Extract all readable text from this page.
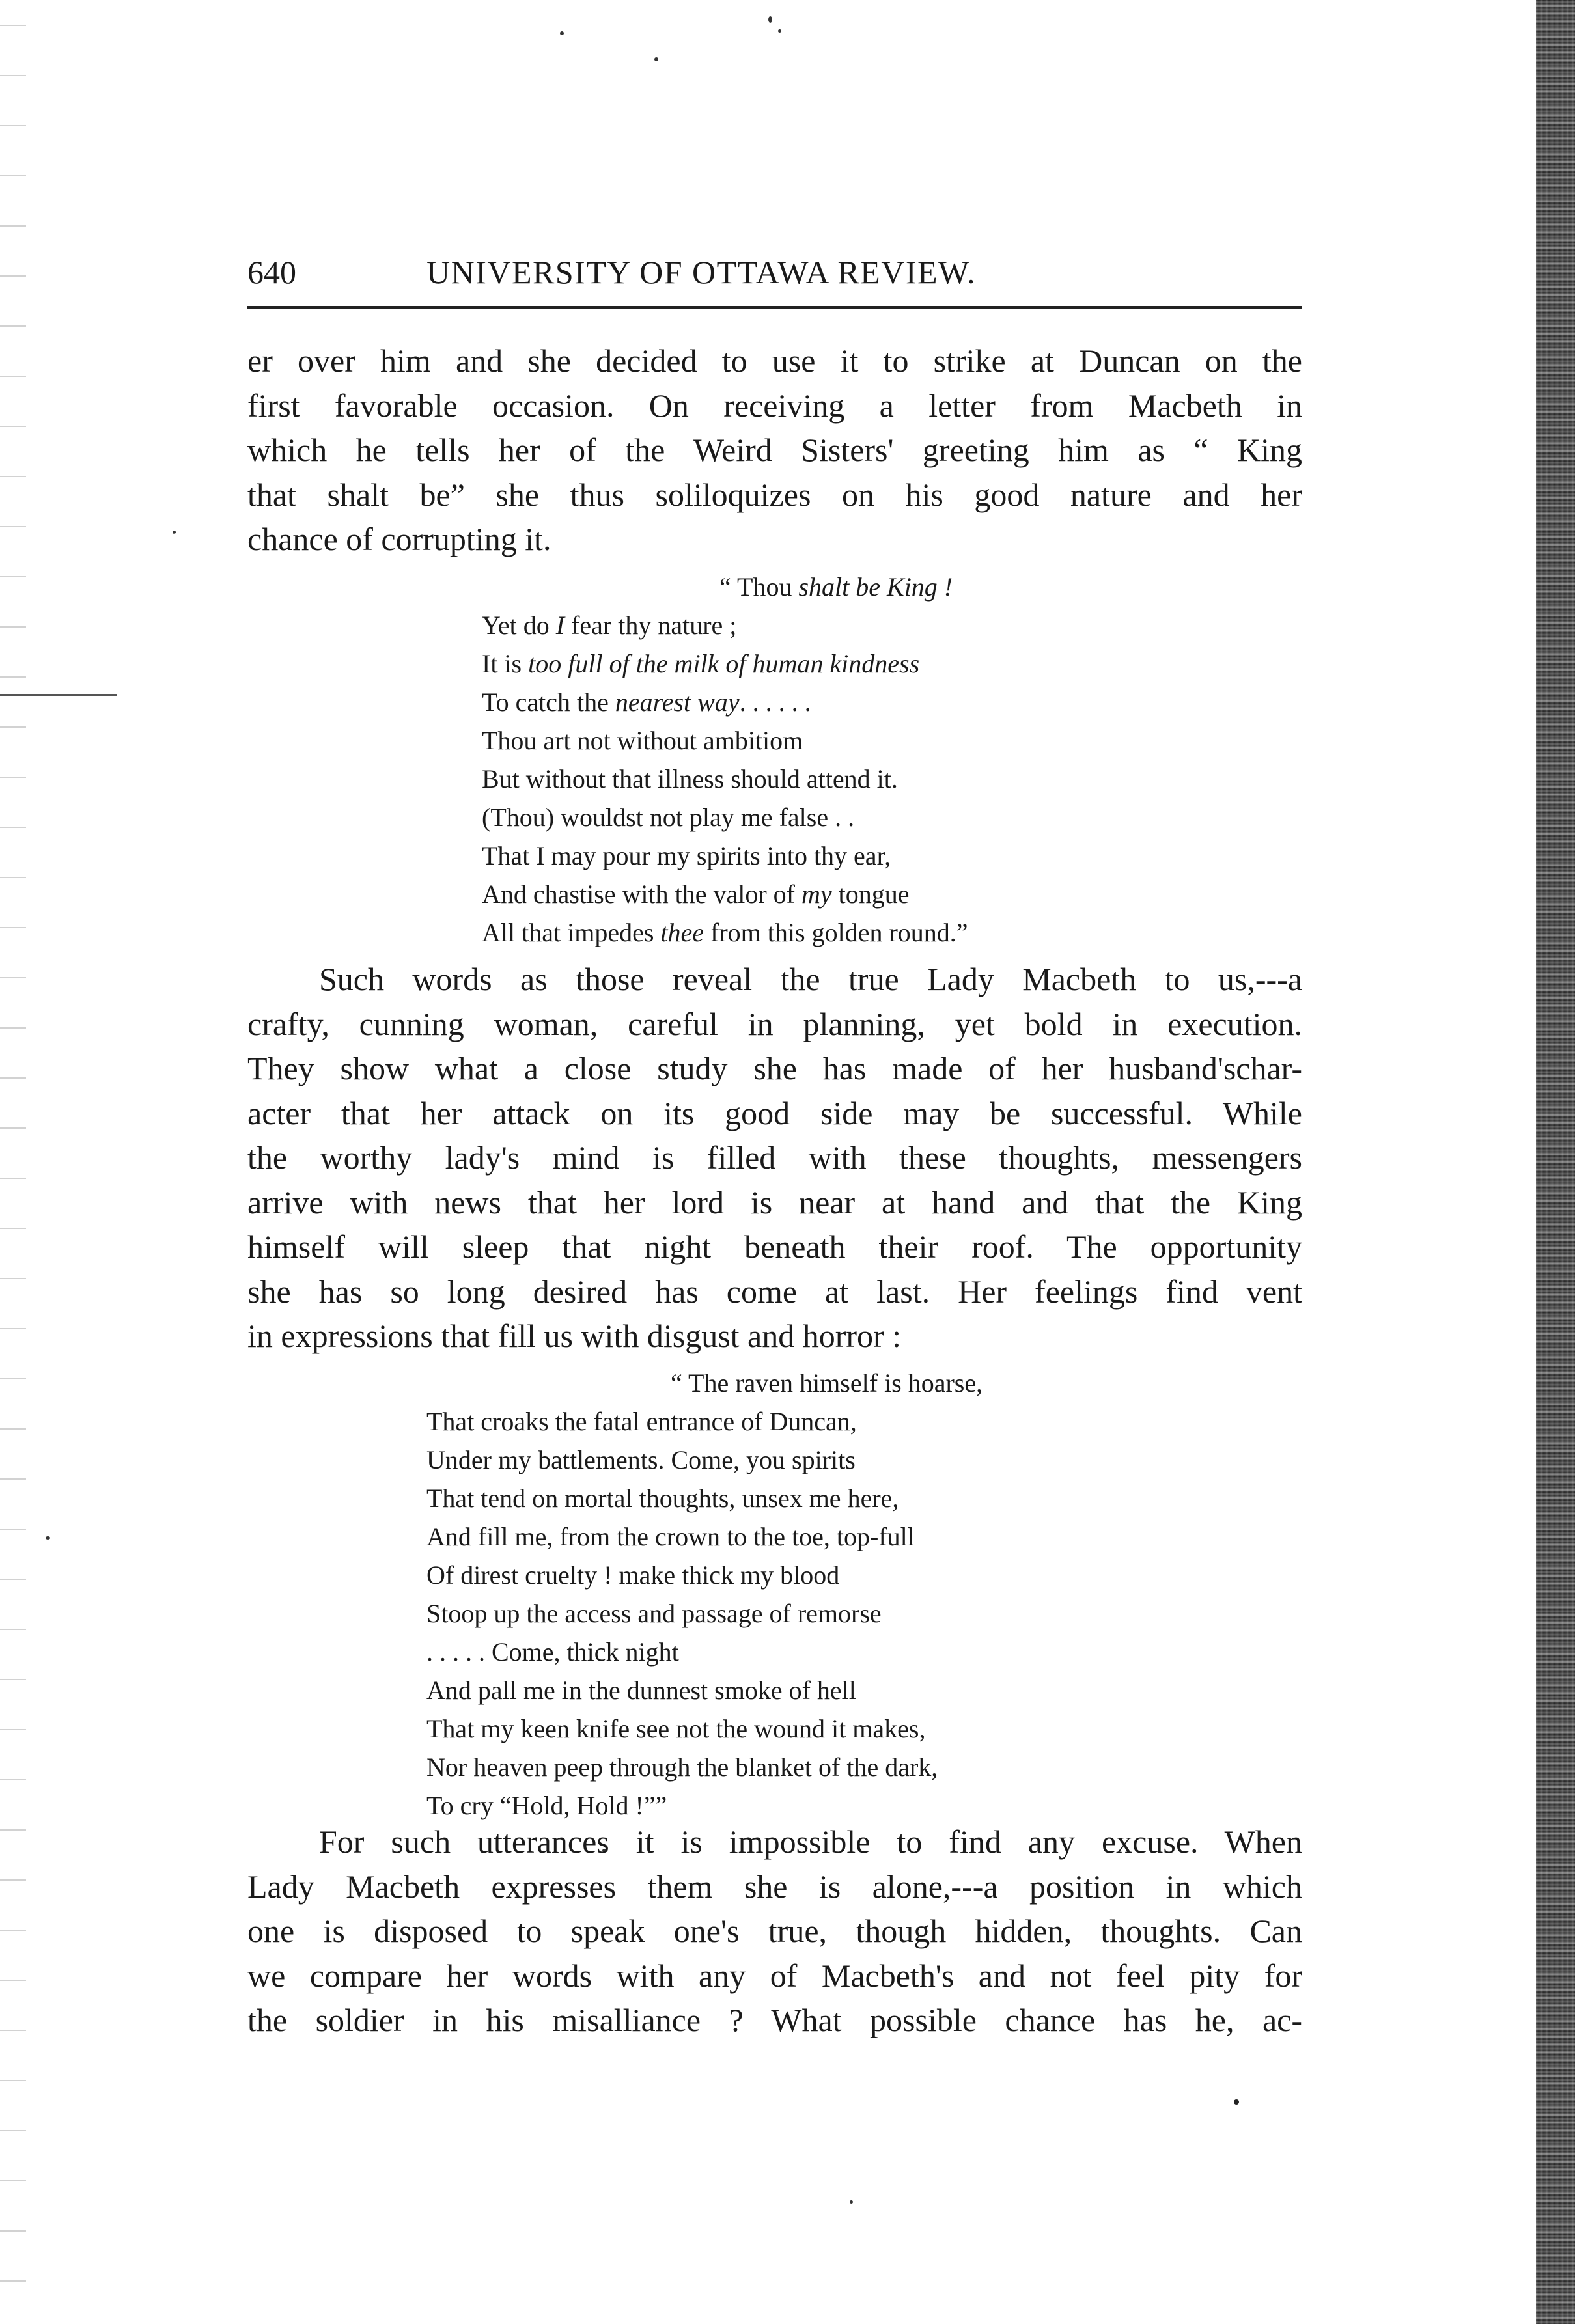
640	UNIVERSITY OF OTTAWA REVIEW.
er over him and she decided to use it to strike at Duncan on the
first favorable occasion. On receiving a letter from Macbeth in
which he tells her of the Weird Sisters' greeting him as “ King
that shalt be” she thus soliloquizes on his good nature and her
chance of corrupting it.
“ Thou shalt be King !
Yet do I fear thy nature ;
It is too full of the milk of human kindness
To catch the nearest way. . . . . .
Thou art not without ambitiom
But without that illness should attend it.
(Thou) wouldst not play me false . .
That I may pour my spirits into thy ear,
And chastise with the valor of my tongue
All that impedes thee from this golden round.”
Such words as those reveal the true Lady Macbeth to us,---a
crafty, cunning woman, careful in planning, yet bold in execution.
They show what a close study she has made of her husband'schar-
acter that her attack on its good side may be successful. While
the worthy lady's mind is filled with these thoughts, messengers
arrive with news that her lord is near at hand and that the King
himself will sleep that night beneath their roof. The opportunity
she has so long desired has come at last. Her feelings find vent
in expressions that fill us with disgust and horror :
“ The raven himself is hoarse,
That croaks the fatal entrance of Duncan,
Under my battlements. Come, you spirits
That tend on mortal thoughts, unsex me here,
And fill me, from the crown to the toe, top-full
Of direst cruelty ! make thick my blood
Stoop up the access and passage of remorse
. . . . . Come, thick night
And pall me in the dunnest smoke of hell
That my keen knife see not the wound it makes,
Nor heaven peep through the blanket of the dark,
To cry “Hold, Hold !””
For such utterances it is impossible to find any excuse. When
Lady Macbeth expresses them she is alone,---a position in which
one is disposed to speak one's true, though hidden, thoughts. Can
we compare her words with any of Macbeth's and not feel pity for
the soldier in his misalliance ? What possible chance has he, ac-
